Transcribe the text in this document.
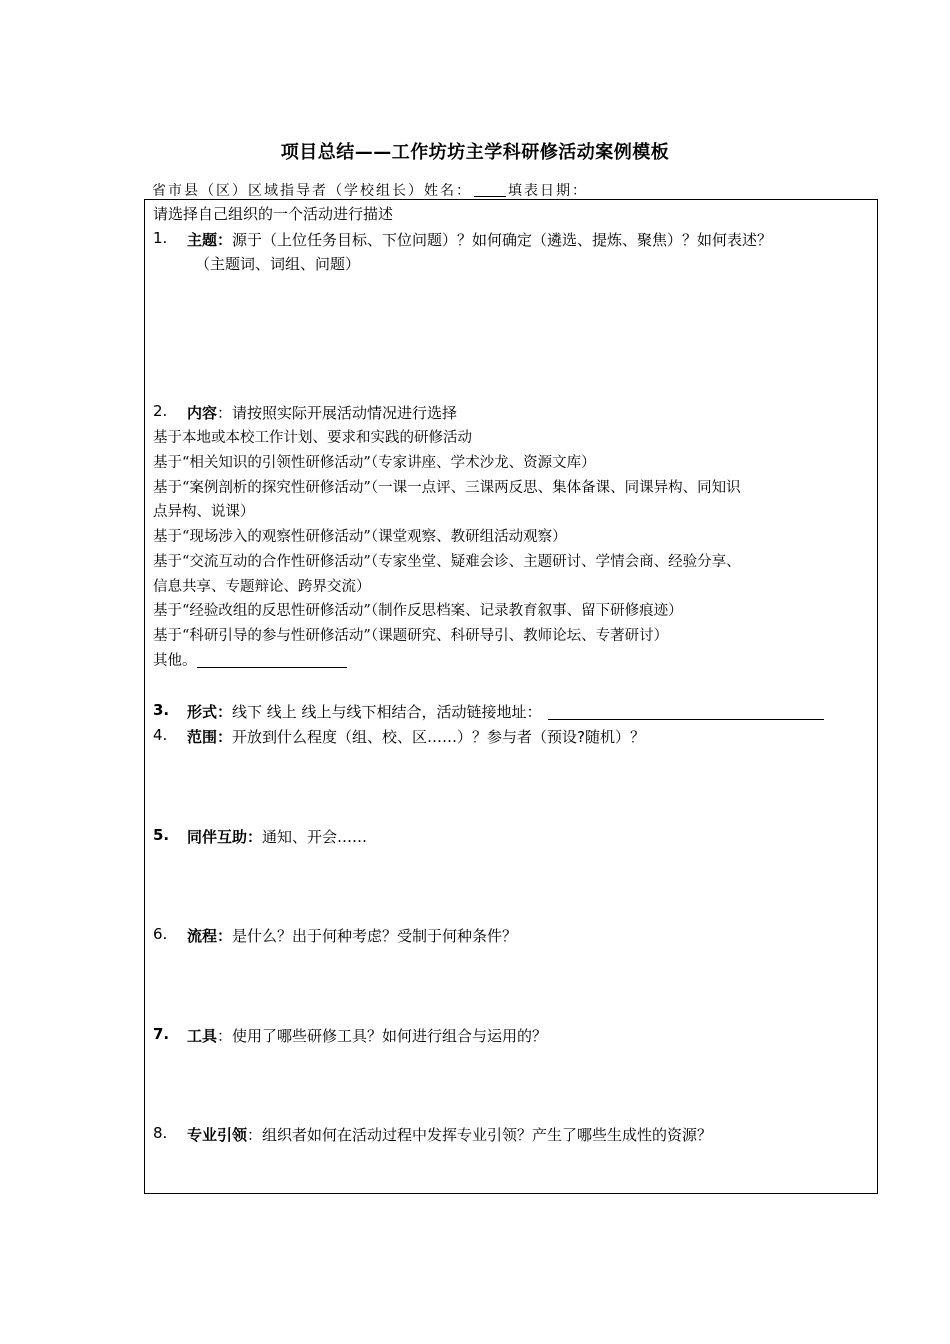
项目总结——工作坊坊主学科研修活动案例模板
省市县（区）区域指导者（学校组长）姓名：	填表日期：
请选择自己组织的一个活动进行描述
1. 主题：源于（上位任务目标、下位问题）？如何确定（遴选、提炼、聚焦）？如何表述？
（主题词、词组、问题）
2. 内容：请按照实际开展活动情况进行选择
基于本地或本校工作计划、要求和实践的研修活动
基于“相关知识的引领性研修活动”（专家讲座、学术沙龙、资源文库）
基于“案例剖析的探究性研修活动”（一课一点评、三课两反思、集体备课、同课异构、同知识
点异构、说课）
基于“现场涉入的观察性研修活动”（课堂观察、教研组活动观察）
基于“交流互动的合作性研修活动”（专家坐堂、疑难会诊、主题研讨、学情会商、经验分享、
信息共享、专题辩论、跨界交流）
基于“经验改组的反思性研修活动”（制作反思档案、记录教育叙事、留下研修痕迹）
基于“科研引导的参与性研修活动”（课题研究、科研导引、教师论坛、专著研讨）
其他。
3. 形式：线下 线上 线上与线下相结合，活动链接地址：
4. 范围：开放到什么程度（组、校、区……）？参与者（预设?随机）？
5. 同伴互助：通知、开会……
6. 流程：是什么？出于何种考虑？受制于何种条件？
7. 工具：使用了哪些研修工具？如何进行组合与运用的？
8. 专业引领：组织者如何在活动过程中发挥专业引领？产生了哪些生成性的资源？
